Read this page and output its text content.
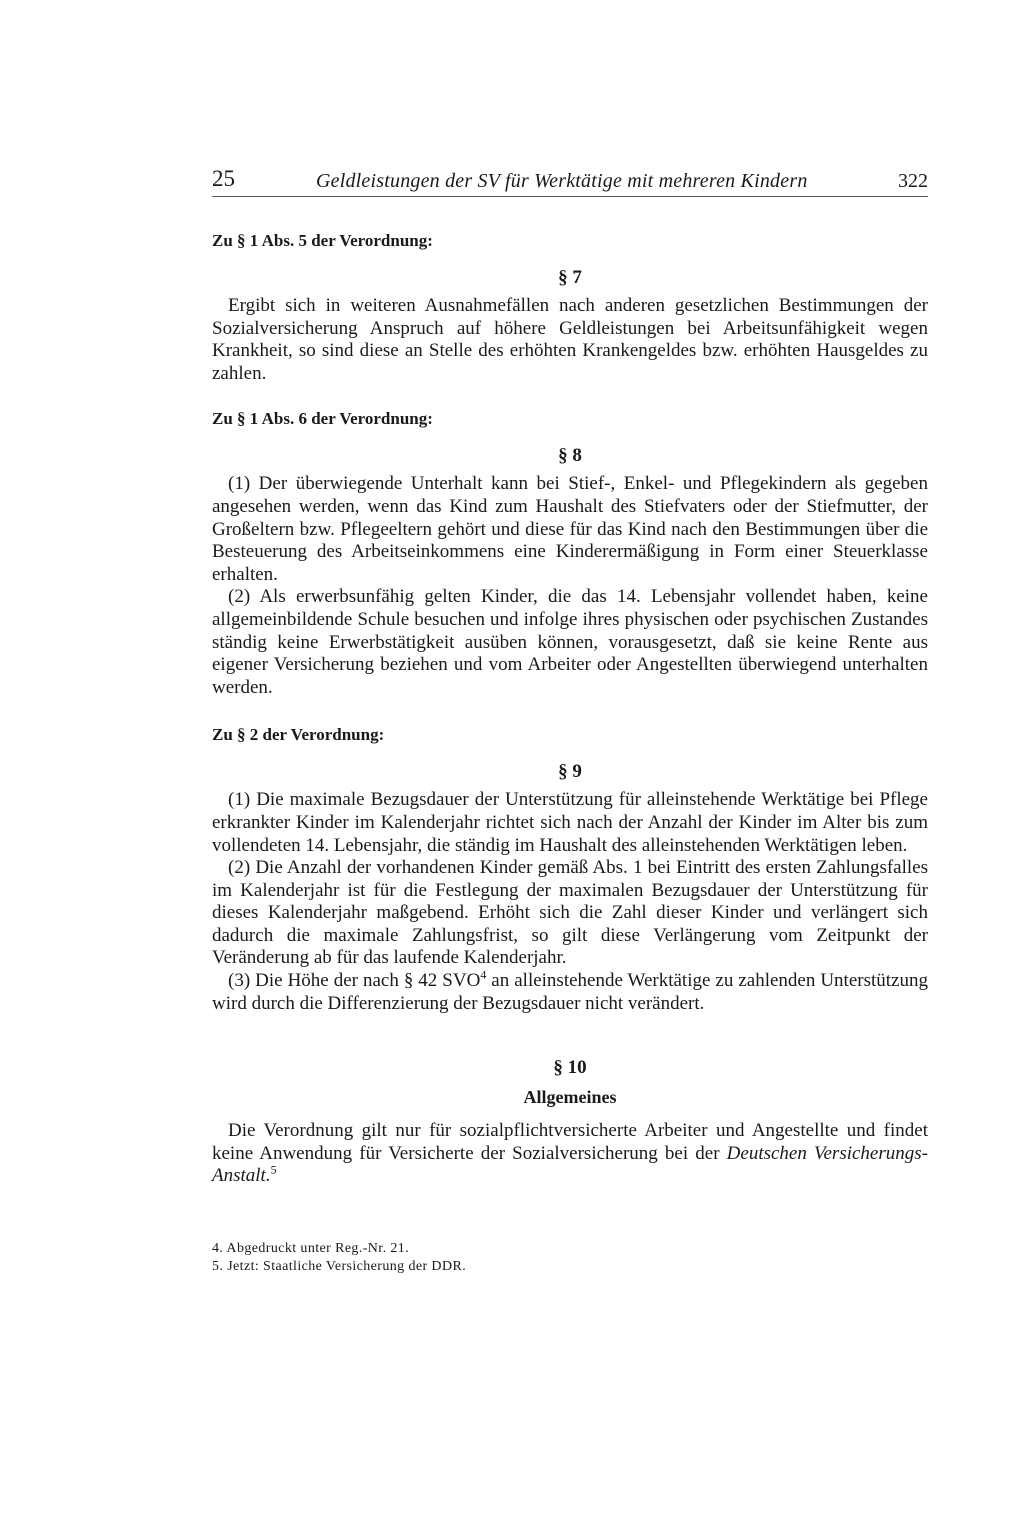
25	Geldleistungen der SV für Werktätige mit mehreren Kindern	322

Zu § 1 Abs. 5 der Verordnung:

§ 7

Ergibt sich in weiteren Ausnahmefällen nach anderen gesetzlichen Bestimmungen der Sozialversicherung Anspruch auf höhere Geldleistungen bei Arbeitsunfähigkeit wegen Krankheit, so sind diese an Stelle des erhöhten Krankengeldes bzw. erhöhten Hausgeldes zu zahlen.

Zu § 1 Abs. 6 der Verordnung:

§ 8

(1) Der überwiegende Unterhalt kann bei Stief-, Enkel- und Pflegekindern als gegeben angesehen werden, wenn das Kind zum Haushalt des Stiefvaters oder der Stiefmutter, der Großeltern bzw. Pflegeeltern gehört und diese für das Kind nach den Bestimmungen über die Besteuerung des Arbeitseinkommens eine Kinderermäßigung in Form einer Steuerklasse erhalten.

(2) Als erwerbsunfähig gelten Kinder, die das 14. Lebensjahr vollendet haben, keine allgemeinbildende Schule besuchen und infolge ihres physischen oder psychischen Zustandes ständig keine Erwerbstätigkeit ausüben können, vorausgesetzt, daß sie keine Rente aus eigener Versicherung beziehen und vom Arbeiter oder Angestellten überwiegend unterhalten werden.

Zu § 2 der Verordnung:

§ 9

(1) Die maximale Bezugsdauer der Unterstützung für alleinstehende Werktätige bei Pflege erkrankter Kinder im Kalenderjahr richtet sich nach der Anzahl der Kinder im Alter bis zum vollendeten 14. Lebensjahr, die ständig im Haushalt des alleinstehenden Werktätigen leben.

(2) Die Anzahl der vorhandenen Kinder gemäß Abs. 1 bei Eintritt des ersten Zahlungsfalles im Kalenderjahr ist für die Festlegung der maximalen Bezugsdauer der Unterstützung für dieses Kalenderjahr maßgebend. Erhöht sich die Zahl dieser Kinder und verlängert sich dadurch die maximale Zahlungsfrist, so gilt diese Verlängerung vom Zeitpunkt der Veränderung ab für das laufende Kalenderjahr.

(3) Die Höhe der nach § 42 SVO$^4$ an alleinstehende Werktätige zu zahlenden Unterstützung wird durch die Differenzierung der Bezugsdauer nicht verändert.

§ 10

Allgemeines

Die Verordnung gilt nur für sozialpflichtversicherte Arbeiter und Angestellte und findet keine Anwendung für Versicherte der Sozialversicherung bei der Deutschen Versicherungs-Anstalt.$^5$

4. Abgedruckt unter Reg.-Nr. 21.
5. Jetzt: Staatliche Versicherung der DDR.
